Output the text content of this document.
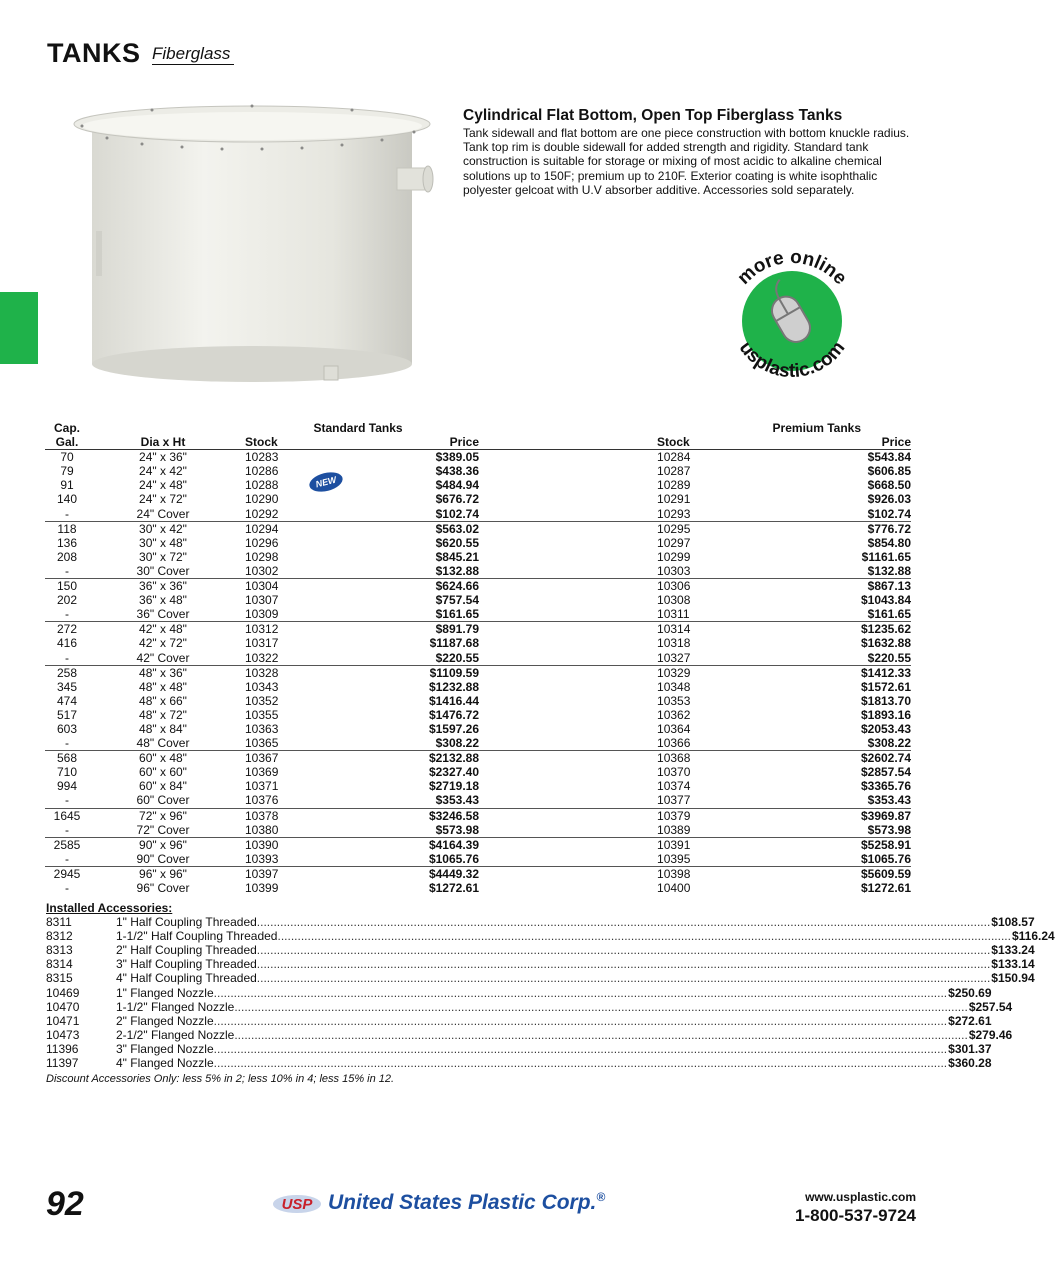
TANKS Fiberglass
Cylindrical Flat Bottom, Open Top Fiberglass Tanks
Tank sidewall and flat bottom are one piece construction with bottom knuckle radius. Tank top rim is double sidewall for added strength and rigidity. Standard tank construction is suitable for storage or mixing of most acidic to alkaline chemical solutions up to 150F; premium up to 210F. Exterior coating is white isophthalic polyester gelcoat with U.V absorber additive. Accessories sold separately.
more online
usplastic.com
NEW
Cap.		Standard Tanks		Premium Tanks		
Gal.	Dia x Ht	Stock	Price		Stock	Price
70	24" x 36"	10283	$389.05		10284	$543.84
79	24" x 42"	10286	$438.36		10287	$606.85
91	24" x 48"	10288	$484.94		10289	$668.50
140	24" x 72"	10290	$676.72		10291	$926.03
-	24" Cover	10292	$102.74		10293	$102.74
118	30" x 42"	10294	$563.02		10295	$776.72
136	30" x 48"	10296	$620.55		10297	$854.80
208	30" x 72"	10298	$845.21		10299	$1161.65
-	30" Cover	10302	$132.88		10303	$132.88
150	36" x 36"	10304	$624.66		10306	$867.13
202	36" x 48"	10307	$757.54		10308	$1043.84
-	36" Cover	10309	$161.65		10311	$161.65
272	42" x 48"	10312	$891.79		10314	$1235.62
416	42" x 72"	10317	$1187.68		10318	$1632.88
-	42" Cover	10322	$220.55		10327	$220.55
258	48" x 36"	10328	$1109.59		10329	$1412.33
345	48" x 48"	10343	$1232.88		10348	$1572.61
474	48" x 66"	10352	$1416.44		10353	$1813.70
517	48" x 72"	10355	$1476.72		10362	$1893.16
603	48" x 84"	10363	$1597.26		10364	$2053.43
-	48" Cover	10365	$308.22		10366	$308.22
568	60" x 48"	10367	$2132.88		10368	$2602.74
710	60" x 60"	10369	$2327.40		10370	$2857.54
994	60" x 84"	10371	$2719.18		10374	$3365.76
-	60" Cover	10376	$353.43		10377	$353.43
1645	72" x 96"	10378	$3246.58		10379	$3969.87
-	72" Cover	10380	$573.98		10389	$573.98
2585	90" x 96"	10390	$4164.39		10391	$5258.91
-	90" Cover	10393	$1065.76		10395	$1065.76
2945	96" x 96"	10397	$4449.32		10398	$5609.59
-	96" Cover	10399	$1272.61		10400	$1272.61
Installed Accessories:
8311	1" Half Coupling Threaded............................................................................................................................................................................................................................ $108.57
8312	1-1/2" Half Coupling Threaded............................................................................................................................................................................................................................ $116.24
8313	2" Half Coupling Threaded............................................................................................................................................................................................................................ $133.24
8314	3" Half Coupling Threaded............................................................................................................................................................................................................................ $133.14
8315	4" Half Coupling Threaded............................................................................................................................................................................................................................ $150.94
10469	1" Flanged Nozzle............................................................................................................................................................................................................................ $250.69
10470	1-1/2" Flanged Nozzle............................................................................................................................................................................................................................ $257.54
10471	2" Flanged Nozzle............................................................................................................................................................................................................................ $272.61
10473	2-1/2" Flanged Nozzle............................................................................................................................................................................................................................ $279.46
11396	3" Flanged Nozzle............................................................................................................................................................................................................................ $301.37
11397	4" Flanged Nozzle............................................................................................................................................................................................................................ $360.28
Discount Accessories Only: less 5% in 2; less 10% in 4; less 15% in 12.
92	USP United States Plastic Corp.®	www.usplastic.com
1-800-537-9724
